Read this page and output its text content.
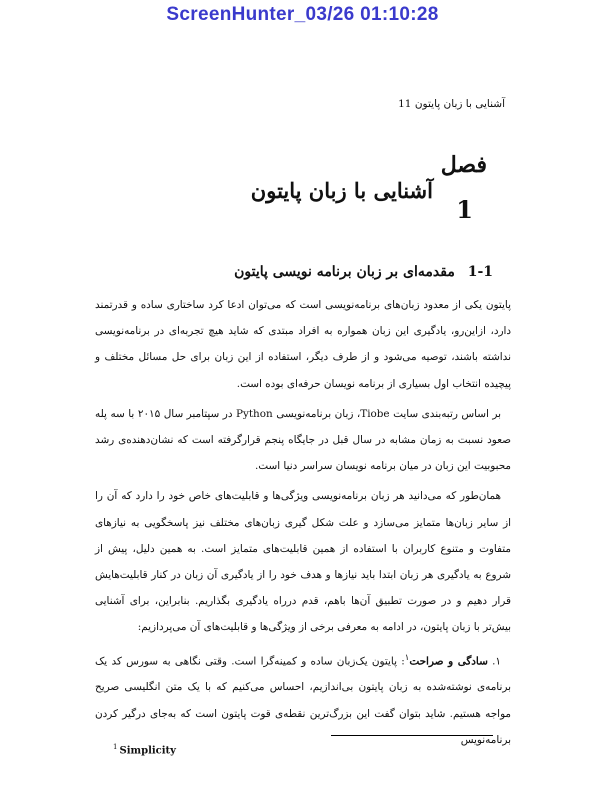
ScreenHunter_03/26 01:10:28
آشنایی با زبان پایتون 11
فصل
1
آشنایی با زبان پایتون
1-1 مقدمه‌ای بر زبان برنامه نویسی پایتون

پایتون یکی از معدود زبان‌های برنامه‌نویسی است که می‌توان ادعا کرد ساختاری ساده و قدرتمند دارد، ازاین‌رو، یادگیری این زبان همواره به افراد مبتدی که شاید هیچ تجربه‌ای در برنامه‌نویسی نداشته باشند، توصیه می‌شود و از طرف دیگر، استفاده از این زبان برای حل مسائل مختلف و پیچیده انتخاب اول بسیاری از برنامه نویسان حرفه‌ای بوده است.

بر اساس رتبه‌بندی سایت Tiobe، زبان برنامه‌نویسی Python در سپتامبر سال ۲۰۱۵ با سه پله صعود نسبت به زمان مشابه در سال قبل در جایگاه پنجم قرارگرفته است که نشان‌دهنده‌ی رشد محبوبیت این زبان در میان برنامه نویسان سراسر دنیا است.

همان‌طور که می‌دانید هر زبان برنامه‌نویسی ویژگی‌ها و قابلیت‌های خاص خود را دارد که آن را از سایر زبان‌ها متمایز می‌سازد و علت شکل گیری زبان‌های مختلف نیز پاسخگویی به نیازهای متفاوت و متنوع کاربران با استفاده از همین قابلیت‌های متمایز است. به همین دلیل، پیش از شروع به یادگیری هر زبان ابتدا باید نیازها و هدف خود را از یادگیری آن زبان در کنار قابلیت‌هایش قرار دهیم و در صورت تطبیق آن‌ها باهم، قدم درراه یادگیری بگذاریم. بنابراین، برای آشنایی بیش‌تر با زبان پایتون، در ادامه به معرفی برخی از ویژگی‌ها و قابلیت‌های آن می‌پردازیم:

۱. سادگی و صراحت$^۱$: پایتون یک‌زبان ساده و کمینه‌گرا است. وقتی نگاهی به سورس کد یک برنامه‌ی نوشته‌شده به زبان پایتون بی‌اندازیم، احساس می‌کنیم که با یک متن انگلیسی صریح مواجه هستیم. شاید بتوان گفت این بزرگ‌ترین نقطه‌ی قوت پایتون است که به‌جای درگیر کردن برنامه‌نویس

$^1$ Simplicity
